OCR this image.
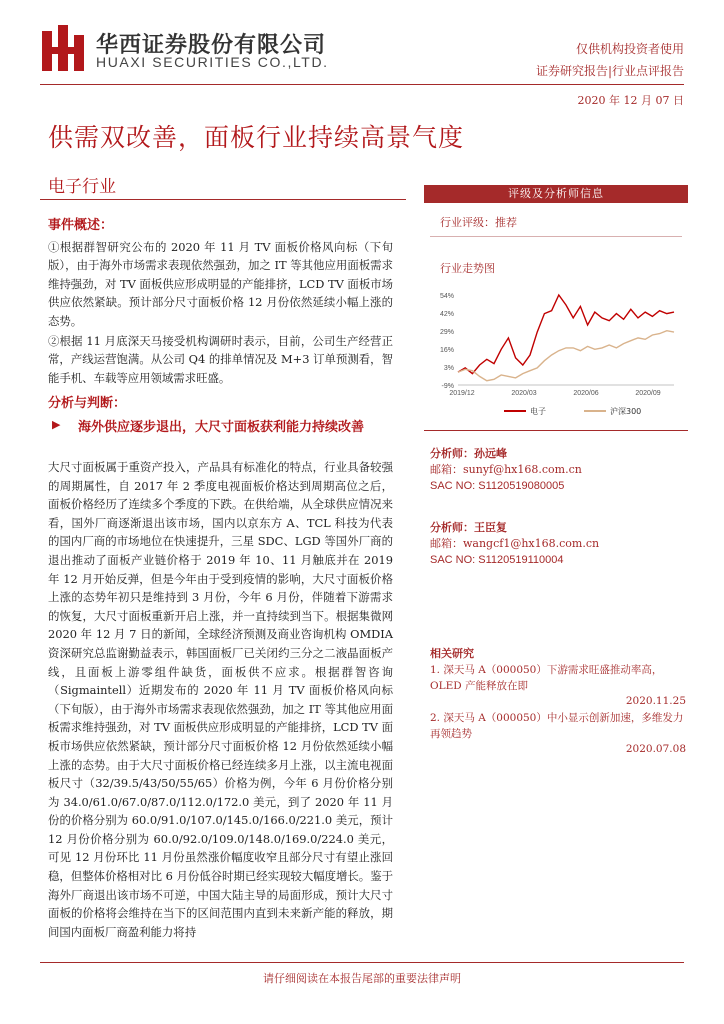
华西证券股份有限公司
HUAXI SECURITIES CO.,LTD.
仅供机构投资者使用
证券研究报告|行业点评报告
2020 年 12 月 07 日
供需双改善，面板行业持续高景气度
电子行业
事件概述：
①根据群智研究公布的 2020 年 11 月 TV 面板价格风向标（下旬版），由于海外市场需求表现依然强劲，加之 IT 等其他应用面板需求维持强劲，对 TV 面板供应形成明显的产能排挤，LCD TV 面板市场供应依然紧缺。预计部分尺寸面板价格 12 月份依然延续小幅上涨的态势。
②根据 11 月底深天马接受机构调研时表示，目前，公司生产经营正常，产线运营饱满。从公司 Q4 的排单情况及 M+3 订单预测看，智能手机、车载等应用领域需求旺盛。
分析与判断：
▶ 海外供应逐步退出，大尺寸面板获利能力持续改善
大尺寸面板属于重资产投入，产品具有标准化的特点，行业具备较强的周期属性，自 2017 年 2 季度电视面板价格达到周期高位之后，面板价格经历了连续多个季度的下跌。在供给端，从全球供应情况来看，国外厂商逐渐退出该市场，国内以京东方 A、TCL 科技为代表的国内厂商的市场地位在快速提升，三星 SDC、LGD 等国外厂商的退出推动了面板产业链价格于 2019 年 10、11 月触底并在 2019 年 12 月开始反弹，但是今年由于受到疫情的影响，大尺寸面板价格上涨的态势年初只是维持到 3 月份，今年 6 月份，伴随着下游需求的恢复，大尺寸面板重新开启上涨，并一直持续到当下。根据集微网 2020 年 12 月 7 日的新闻，全球经济预测及商业咨询机构 OMDIA 资深研究总监谢勤益表示，韩国面板厂已关闭约三分之二液晶面板产线，且面板上游零组件缺货，面板供不应求。根据群智咨询（Sigmaintell）近期发布的 2020 年 11 月 TV 面板价格风向标（下旬版），由于海外市场需求表现依然强劲，加之 IT 等其他应用面板需求维持强劲，对 TV 面板供应形成明显的产能排挤，LCD TV 面板市场供应依然紧缺，预计部分尺寸面板价格 12 月份依然延续小幅上涨的态势。由于大尺寸面板价格已经连续多月上涨，以主流电视面板尺寸（32/39.5/43/50/55/65）价格为例，今年 6 月份价格分别为 34.0/61.0/67.0/87.0/112.0/172.0 美元，到了 2020 年 11 月份的价格分别为 60.0/91.0/107.0/145.0/166.0/221.0 美元，预计 12 月份价格分别为 60.0/92.0/109.0/148.0/169.0/224.0 美元，可见 12 月份环比 11 月份虽然涨价幅度收窄且部分尺寸有望止涨回稳，但整体价格相对比 6 月份低谷时期已经实现较大幅度增长。鉴于海外厂商退出该市场不可逆，中国大陆主导的局面形成，预计大尺寸面板的价格将会维持在当下的区间范围内直到未来新产能的释放，期间国内面板厂商盈利能力将持
评级及分析师信息
行业评级：推荐
行业走势图
54%
42%
29%
16%
3%
-9%
2019/12	2020/03	2020/06	2020/09
电子	沪深300
分析师：孙远峰
邮箱：sunyf@hx168.com.cn
SAC NO: S1120519080005
分析师：王臣复
邮箱：wangcf1@hx168.com.cn
SAC NO: S1120519110004
相关研究
1. 深天马 A（000050）下游需求旺盛推动率高，OLED 产能释放在即
2020.11.25
2. 深天马 A（000050）中小显示创新加速，多维发力再领趋势
2020.07.08
请仔细阅读在本报告尾部的重要法律声明
